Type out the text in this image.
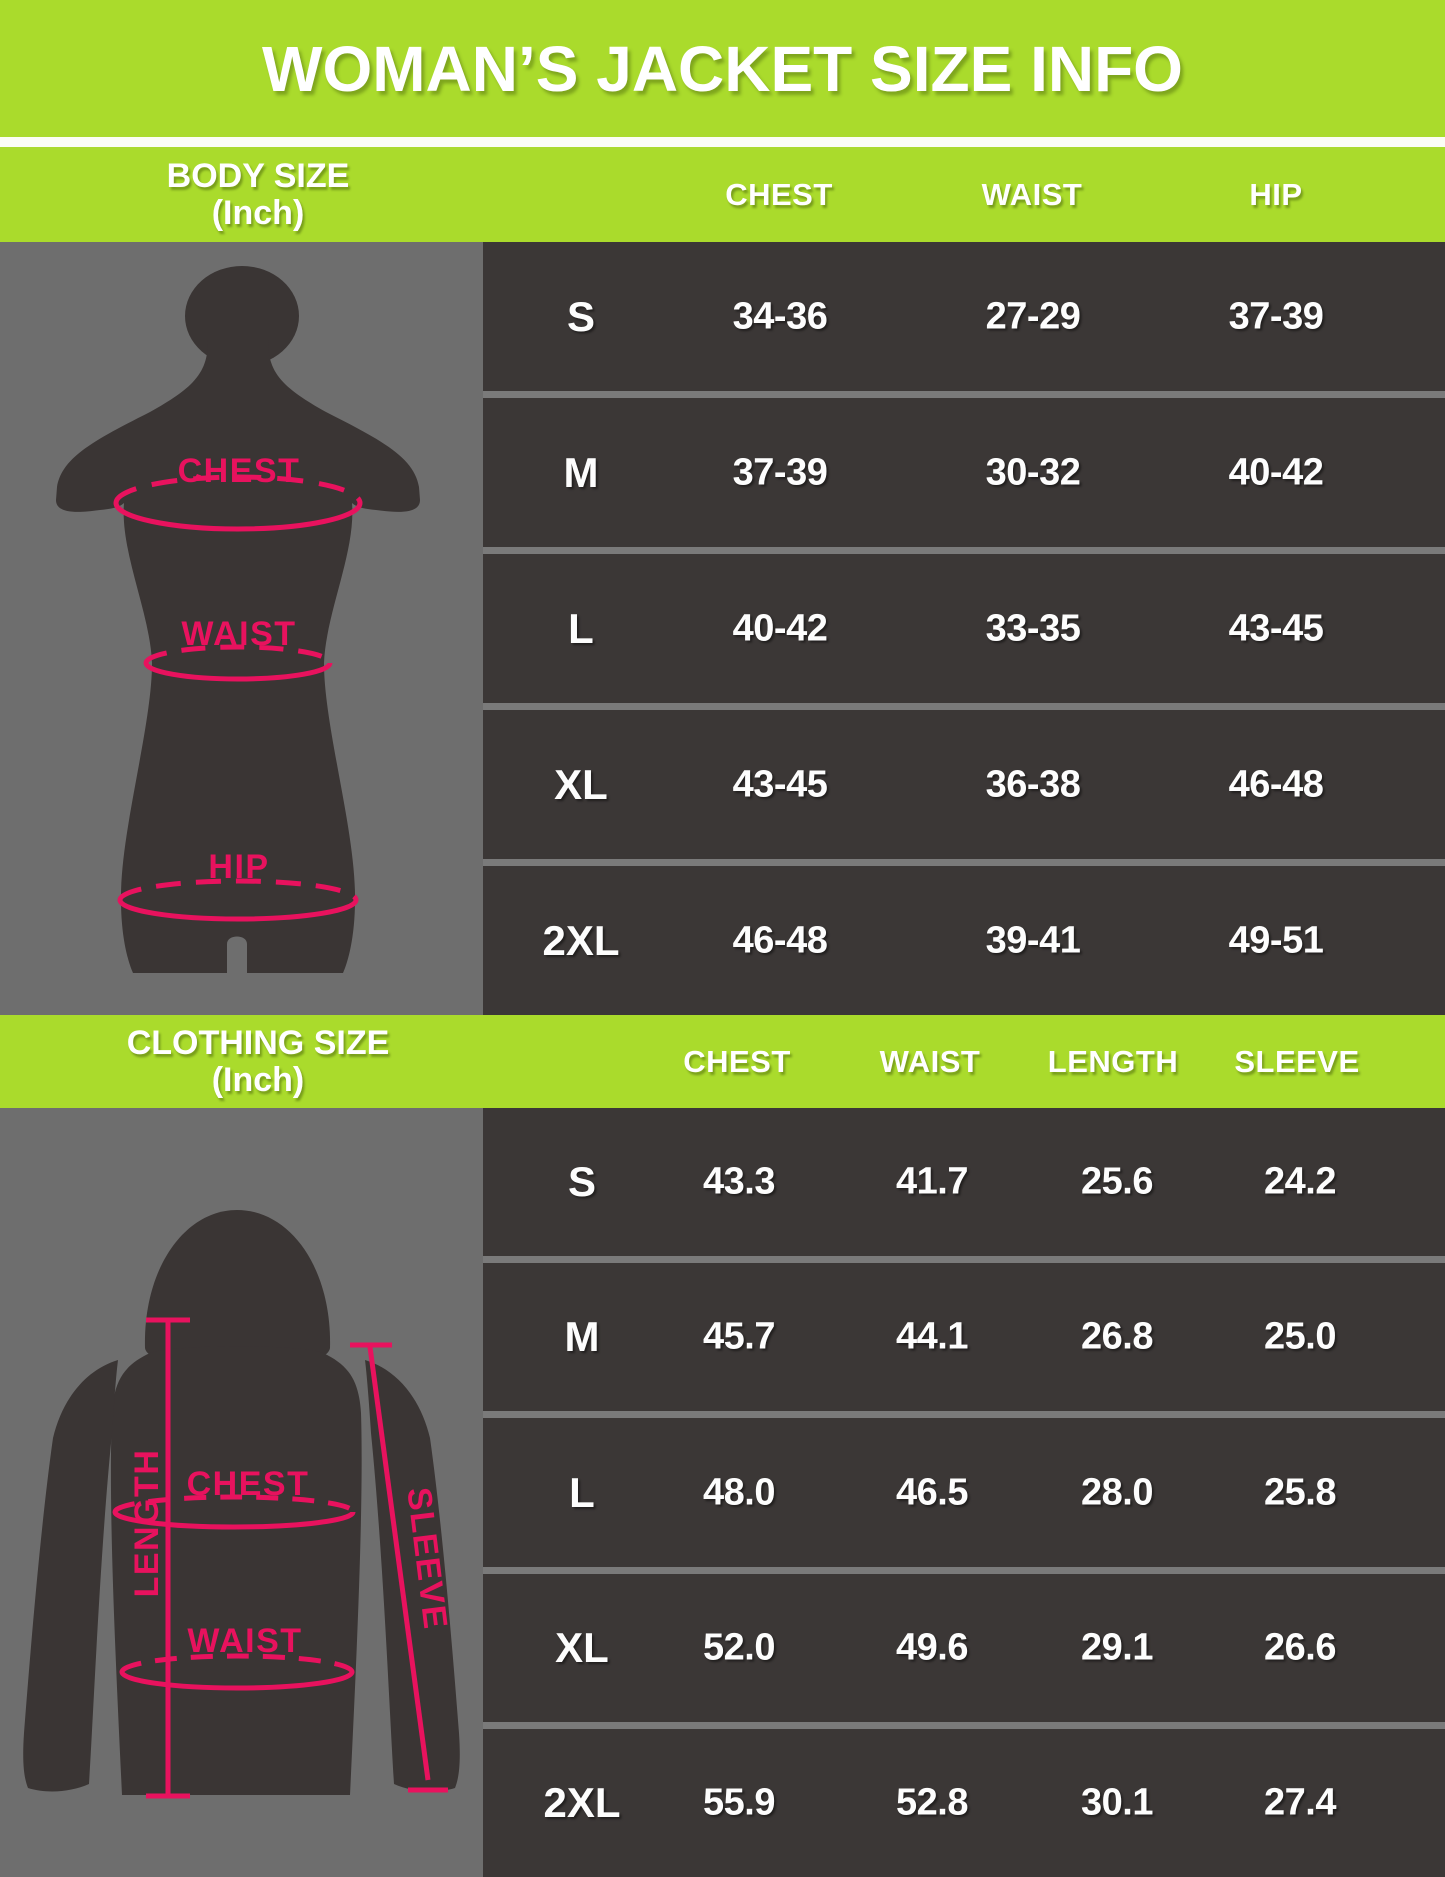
WOMAN’S JACKET SIZE INFO
BODY SIZE
(Inch)	CHEST	WAIST	HIP
CHEST
WAIST
HIP
S	34-36	27-29	37-39
M	37-39	30-32	40-42
L	40-42	33-35	43-45
XL	43-45	36-38	46-48
2XL	46-48	39-41	49-51
CLOTHING SIZE
(Inch)	CHEST	WAIST LENGTH SLEEVE
LENGTH CHEST
WAIST
SLEEVE
S	43.3	41.7	25.6	24.2
M	45.7	44.1	26.8	25.0
L	48.0	46.5	28.0	25.8
XL 52.0	49.6	29.1	26.6
2XL 55.9	52.8	30.1	27.4
